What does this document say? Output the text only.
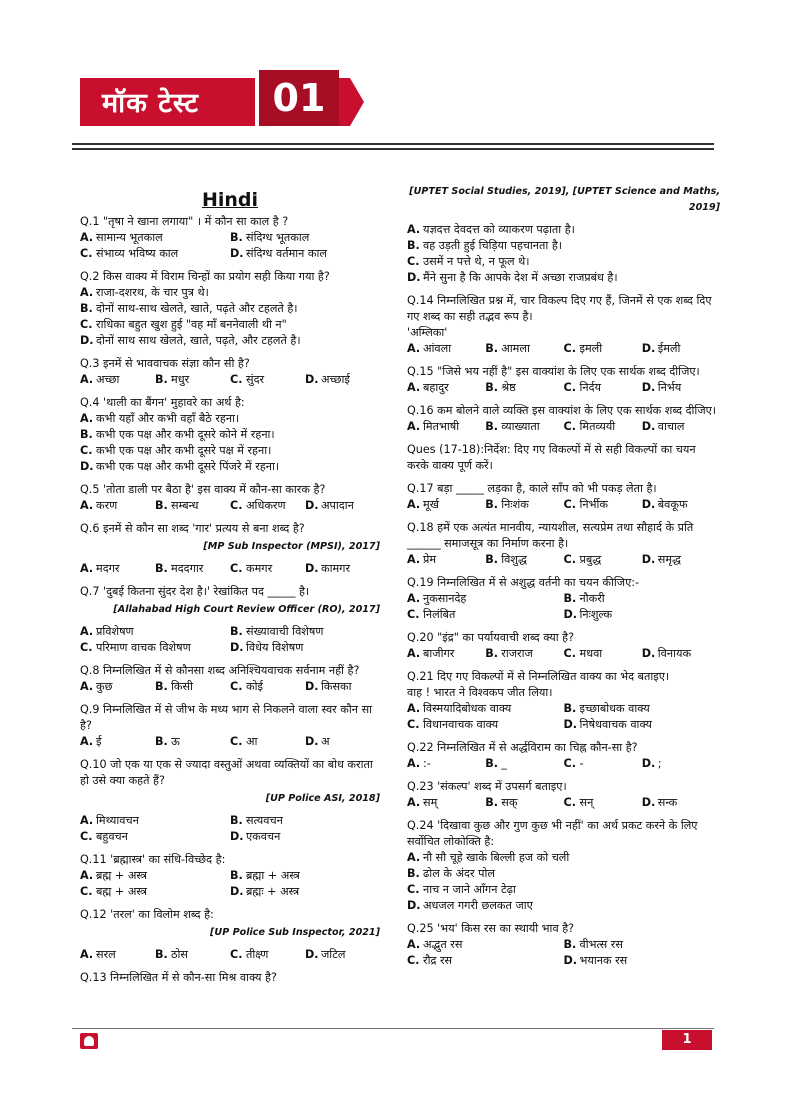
मॉक टेस्ट	01
Hindi
Q.1 "तृषा ने खाना लगाया" । में कौन सा काल है ?
A. सामान्य भूतकाल	B. संदिग्ध भूतकाल
C. संभाव्य भविष्य काल	D. संदिग्ध वर्तमान काल
Q.2 किस वाक्य में विराम चिन्हों का प्रयोग सही किया गया है?
A. राजा-दशरथ, के चार पुत्र थे।
B. दोनों साथ-साथ खेलते, खाते, पढ़ते और टहलते है।
C. राधिका बहुत खुश हुई "वह माँ बननेवाली थी न"
D. दोनों साथ साथ खेलते, खाते, पढ़ते, और टहलते है।
Q.3 इनमें से भाववाचक संज्ञा कौन सी है?
A. अच्छा	B. मधुर	C. सुंदर	D. अच्छाई
Q.4 'थाली का बैंगन' मुहावरे का अर्थ है:
A. कभी यहाँ और कभी वहाँ बैठे रहना।
B. कभी एक पक्ष और कभी दूसरे कोने में रहना।
C. कभी एक पक्ष और कभी दूसरे पक्ष में रहना।
D. कभी एक पक्ष और कभी दूसरे पिंजरे में रहना।
Q.5 'तोता डाली पर बैठा है' इस वाक्य में कौन-सा कारक है?
A. करण	B. सम्बन्ध	C. अधिकरण	D. अपादान
Q.6 इनमें से कौन सा शब्द 'गार' प्रत्यय से बना शब्द है?
[MP Sub Inspector (MPSI), 2017]
A. मदगर	B. मददगार	C. कमगर	D. कामगर
Q.7 'दुबई कितना सुंदर देश है।' रेखांकित पद _____ है।
[Allahabad High Court Review Officer (RO), 2017]
A. प्रविशेषण	B. संख्यावाची विशेषण
C. परिमाण वाचक विशेषण	D. विधेय विशेषण
Q.8 निम्नलिखित में से कौनसा शब्द अनिश्चियवाचक सर्वनाम नहीं है?
A. कुछ	B. किसी	C. कोई	D. किसका
Q.9 निम्नलिखित में से जीभ के मध्य भाग से निकलने वाला स्वर कौन सा है?
A. ई	B. ऊ	C. आ	D. अ
Q.10 जो एक या एक से ज्यादा वस्तुओं अथवा व्यक्तियों का बोध कराता हो उसे क्या कहते हैं?
[UP Police ASI, 2018]
A. मिथ्यावचन	B. सत्यवचन
C. बहुवचन	D. एकवचन
Q.11 'ब्रह्मास्त्र' का संधि-विच्छेद है:
A. ब्रह्म + अस्त्र	B. ब्रह्मा + अस्त्र
C. बह्म + अस्त्र	D. ब्रह्मः + अस्त्र
Q.12 'तरल' का विलोम शब्द है:
[UP Police Sub Inspector, 2021]
A. सरल	B. ठोस	C. तीक्ष्ण	D. जटिल
Q.13 निम्नलिखित में से कौन-सा मिश्र वाक्य है?
[UPTET Social Studies, 2019], [UPTET Science and Maths, 2019]
A. यज्ञदत्त देवदत्त को व्याकरण पढ़ाता है।
B. वह उड़ती हुई चिड़िया पहचानता है।
C. उसमें न पत्ते थे, न फूल थे।
D. मैंने सुना है कि आपके देश में अच्छा राजप्रबंध है।
Q.14 निम्नलिखित प्रश्न में, चार विकल्प दिए गए हैं, जिनमें से एक शब्द दिए गए शब्द का सही तद्भव रूप है।
'अम्लिका'
A. आंवला	B. आमला	C. इमली	D. ईमली
Q.15 "जिसे भय नहीं है" इस वाक्यांश के लिए एक सार्थक शब्द दीजिए।
A. बहादुर	B. श्रेष्ठ	C. निर्दय	D. निर्भय
Q.16 कम बोलने वाले व्यक्ति इस वाक्यांश के लिए एक सार्थक शब्द दीजिए।
A. मितभाषी	B. व्याख्याता	C. मितव्ययी	D. वाचाल
Ques (17-18):निर्देश: दिए गए विकल्पों में से सही विकल्पों का चयन करके वाक्य पूर्ण करें।
Q.17 बड़ा _____ लड़का है, काले साँप को भी पकड़ लेता है।
A. मूर्ख	B. निःशंक	C. निर्भीक	D. बेवकूफ
Q.18 हमें एक अत्यंत मानवीय, न्यायशील, सत्यप्रेम तथा सौहार्द के प्रति ______ समाजसूत्र का निर्माण करना है।
A. प्रेम	B. विशुद्ध	C. प्रबुद्ध	D. समृद्ध
Q.19 निम्नलिखित में से अशुद्ध वर्तनी का चयन कीजिए:-
A. नुकसानदेह	B. नौकरी
C. निलंबित	D. निःशुल्क
Q.20 "इंद्र" का पर्यायवाची शब्द क्या है?
A. बाजीगर	B. राजराज	C. मधवा	D. विनायक
Q.21 दिए गए विकल्पों में से निम्नलिखित वाक्य का भेद बताइए।
वाह ! भारत ने विश्वकप जीत लिया।
A. विस्मयादिबोधक वाक्य	B. इच्छाबोधक वाक्य
C. विधानवाचक वाक्य	D. निषेधवाचक वाक्य
Q.22 निम्नलिखित में से अर्द्धविराम का चिह्न कौन-सा है?
A. :-	B. _	C. -	D. ;
Q.23 'संकल्प' शब्द में उपसर्ग बताइए।
A. सम्	B. सक्	C. सन्	D. सन्क
Q.24 'दिखावा कुछ और गुण कुछ भी नहीं' का अर्थ प्रकट करने के लिए सर्वोचित लोकोक्ति है:
A. नौ सौ चूहे खाके बिल्ली हज को चली
B. ढोल के अंदर पोल
C. नाच न जाने आँगन टेढ़ा
D. अधजल गगरी छलकत जाए
Q.25 'भय' किस रस का स्थायी भाव है?
A. अद्भुत रस	B. वीभत्स रस
C. रौद्र रस	D. भयानक रस
1
